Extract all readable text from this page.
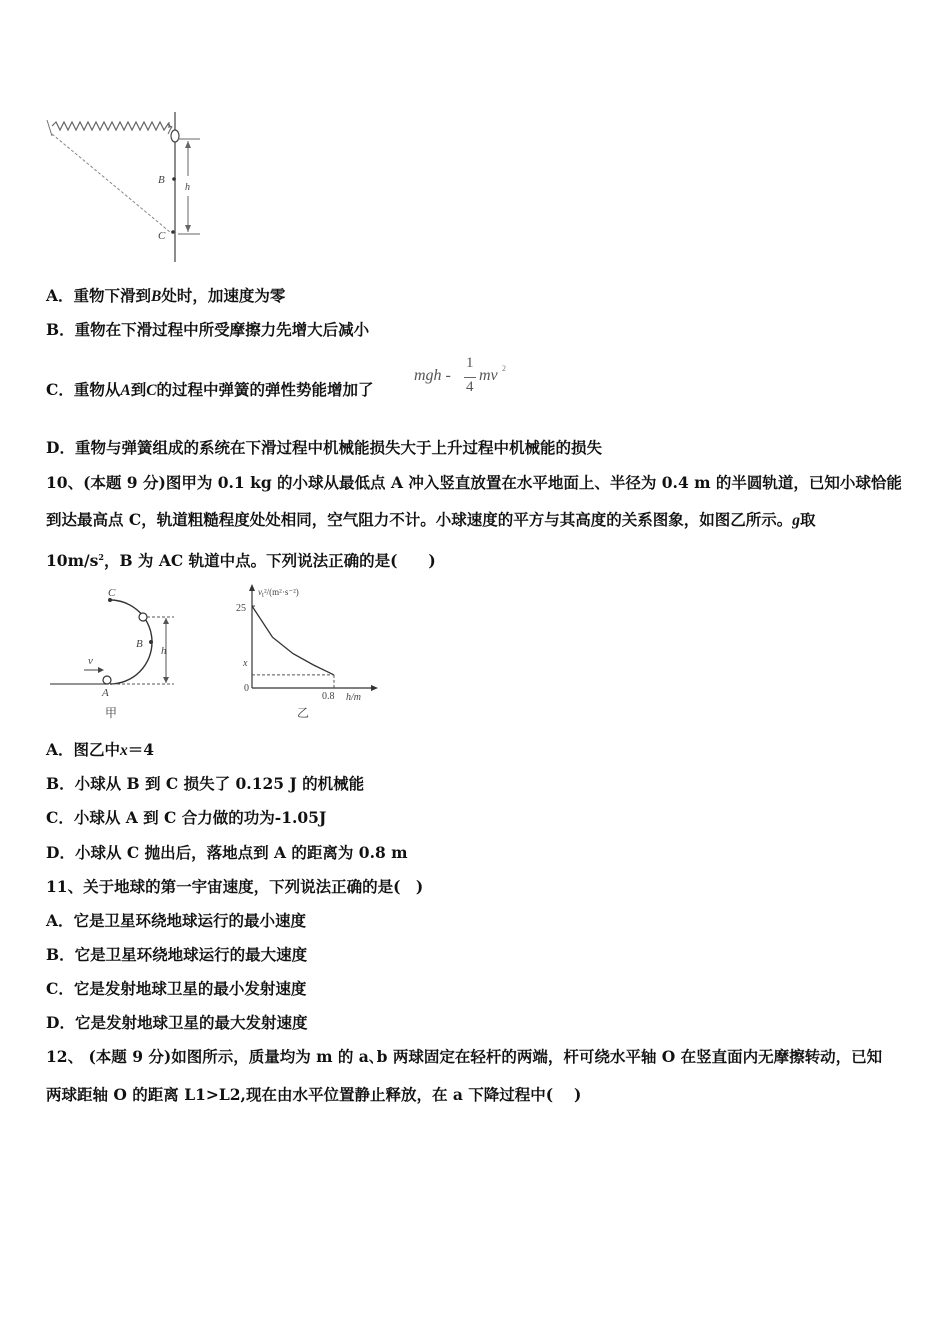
h
B
C
A．重物下滑到B处时，加速度为零
B．重物在下滑过程中所受摩擦力先增大后减小
C．重物从A到C的过程中弹簧的弹性势能增加了
mgh -
1
4
mv 2
D．重物与弹簧组成的系统在下滑过程中机械能损失大于上升过程中机械能的损失
10、(本题 9 分)图甲为 0.1 kg 的小球从最低点 A 冲入竖直放置在水平地面上、半径为 0.4 m 的半圆轨道，已知小球恰能
到达最高点 C，轨道粗糙程度处处相同，空气阻力不计。小球速度的平方与其高度的关系图象，如图乙所示。g取
$10m/s^2$，B 为 AC 轨道中点。下列说法正确的是(　　)
h
C
B
A
v
甲
$v_t^2/(m^2\cdot s^{-2})$
25
x
0
0.8 h/m
乙
A．图乙中x＝4
B．小球从 B 到 C 损失了 0.125 J 的机械能
C．小球从 A 到 C 合力做的功为-1.05J
D．小球从 C 抛出后，落地点到 A 的距离为 0.8 m
11、关于地球的第一宇宙速度，下列说法正确的是(　)
A．它是卫星环绕地球运行的最小速度
B．它是卫星环绕地球运行的最大速度
C．它是发射地球卫星的最小发射速度
D．它是发射地球卫星的最大发射速度
12、 (本题 9 分)如图所示，质量均为 m 的 a､b 两球固定在轻杆的两端，杆可绕水平轴 O 在竖直面内无摩擦转动，已知
两球距轴 O 的距离 L1>L2,现在由水平位置静止释放，在 a 下降过程中(　 )
